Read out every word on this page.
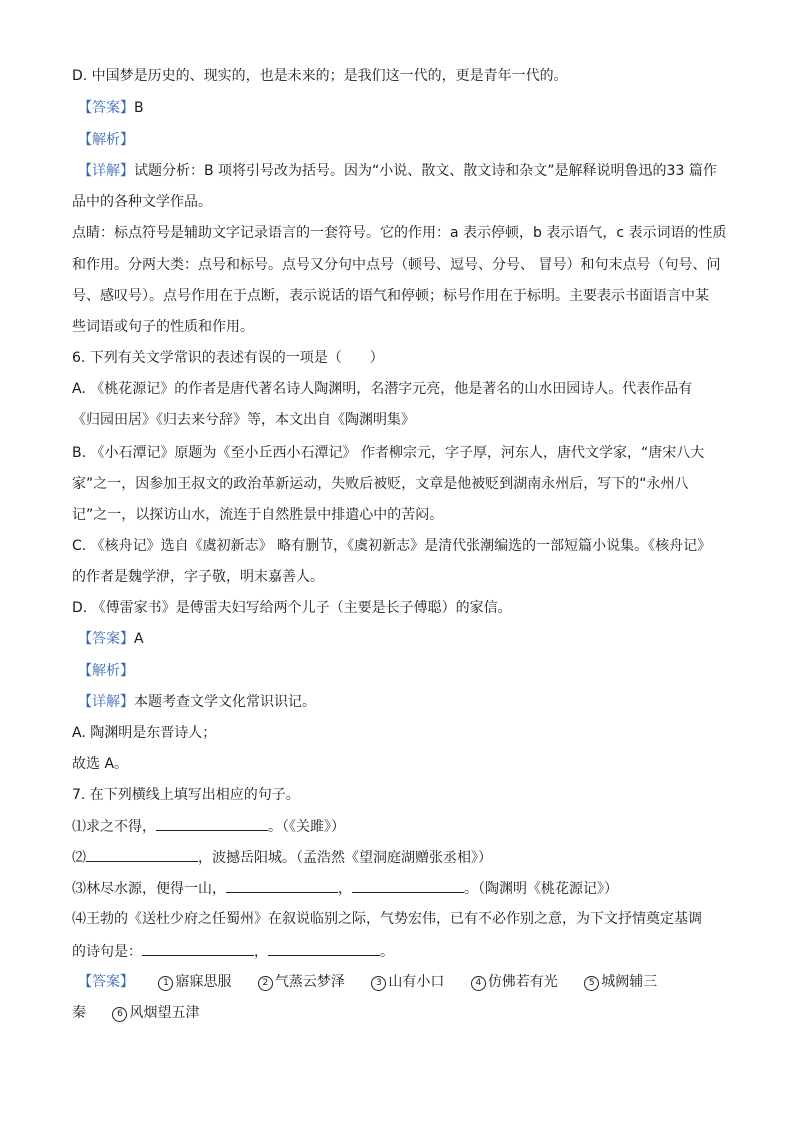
D. 中国梦是历史的、现实的，也是未来的；是我们这一代的，更是青年一代的。

【答案】B

【解析】

【详解】试题分析：B 项将引号改为括号。因为“小说、散文、散文诗和杂文”是解释说明鲁迅的33 篇作

品中的各种文学作品。

点睛：标点符号是辅助文字记录语言的一套符号。它的作用：a 表示停顿，b 表示语气，c 表示词语的性质

和作用。分两大类：点号和标号。点号又分句中点号（顿号、逗号、分号、 冒号）和句末点号（句号、问

号、感叹号）。点号作用在于点断，表示说话的语气和停顿；标号作用在于标明。主要表示书面语言中某

些词语或句子的性质和作用。

6. 下列有关文学常识的表述有误的一项是（　　）

A. 《桃花源记》的作者是唐代著名诗人陶渊明，名潜字元亮，他是著名的山水田园诗人。代表作品有

《归园田居》《归去来兮辞》等，本文出自《陶渊明集》

B. 《小石潭记》原题为《至小丘西小石潭记》 作者柳宗元，字子厚，河东人，唐代文学家，“唐宋八大

家”之一，因参加王叔文的政治革新运动，失败后被贬，文章是他被贬到湖南永州后，写下的“永州八

记”之一，以探访山水，流连于自然胜景中排遣心中的苦闷。

C. 《核舟记》选自《虞初新志》 略有删节，《虞初新志》是清代张潮编选的一部短篇小说集。《核舟记》

的作者是魏学洢，字子敬，明末嘉善人。

D. 《傅雷家书》是傅雷夫妇写给两个儿子（主要是长子傅聪）的家信。

【答案】A

【解析】

【详解】本题考查文学文化常识识记。

A. 陶渊明是东晋诗人；

故选 A。

7. 在下列横线上填写出相应的句子。

⑴求之不得，	。（《关雎》）

⑵	，波撼岳阳城。（孟浩然《望洞庭湖赠张丞相》）

⑶林尽水源，便得一山，	，	。（陶渊明《桃花源记》）

⑷王勃的《送杜少府之任蜀州》在叙说临别之际，气势宏伟，已有不必作别之意，为下文抒情奠定基调

的诗句是：	，	。

【答案】	1 寤寐思服	2 气蒸云梦泽	3 山有小口	4 仿佛若有光	5 城阙辅三

秦	6 风烟望五津
